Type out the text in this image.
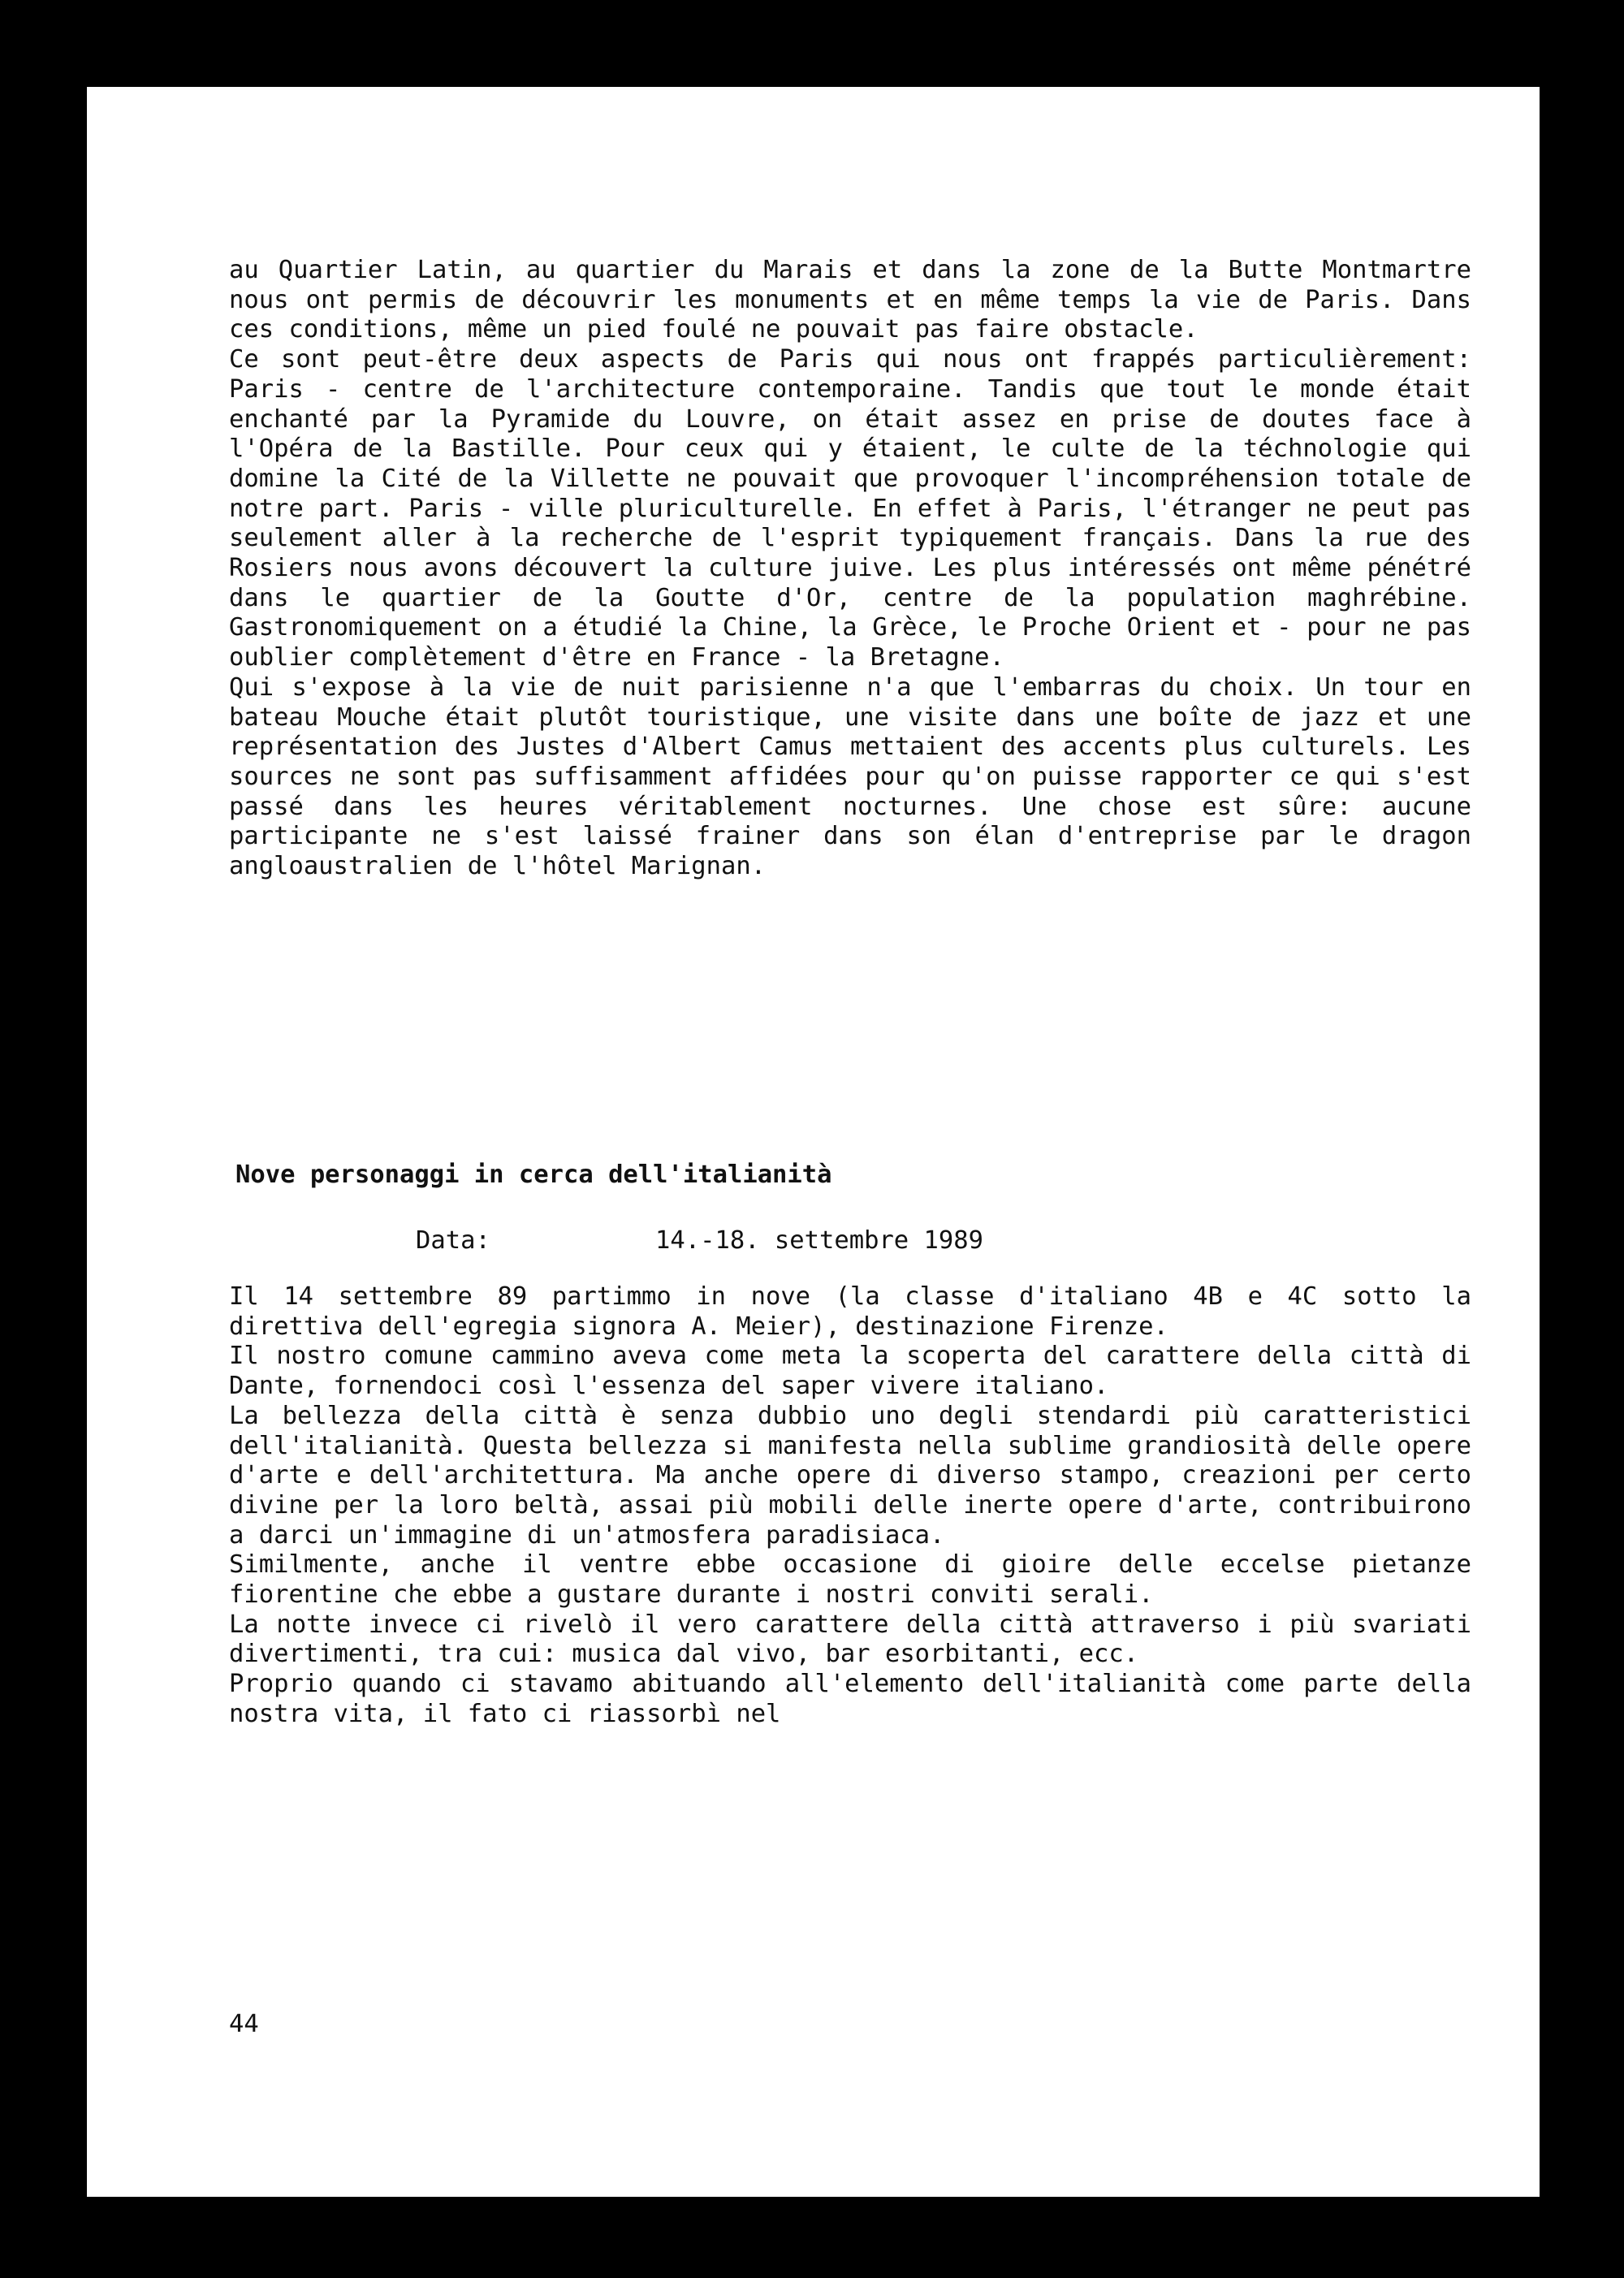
au Quartier Latin, au quartier du Marais et dans la zone de la Butte Montmartre nous ont permis de découvrir les monuments et en même temps la vie de Paris. Dans ces conditions, même un pied foulé ne pouvait pas faire obstacle.

Ce sont peut-être deux aspects de Paris qui nous ont frappés particulièrement: Paris - centre de l'architecture contemporaine. Tandis que tout le monde était enchanté par la Pyramide du Louvre, on était assez en prise de doutes face à l'Opéra de la Bastille. Pour ceux qui y étaient, le culte de la téchnologie qui domine la Cité de la Villette ne pouvait que provoquer l'incompréhension totale de notre part. Paris - ville pluriculturelle. En effet à Paris, l'étranger ne peut pas seulement aller à la recherche de l'esprit typiquement français. Dans la rue des Rosiers nous avons découvert la culture juive. Les plus intéressés ont même pénétré dans le quartier de la Goutte d'Or, centre de la population maghrébine. Gastronomiquement on a étudié la Chine, la Grèce, le Proche Orient et - pour ne pas oublier complètement d'être en France - la Bretagne.

Qui s'expose à la vie de nuit parisienne n'a que l'embarras du choix. Un tour en bateau Mouche était plutôt touristique, une visite dans une boîte de jazz et une représentation des Justes d'Albert Camus mettaient des accents plus culturels. Les sources ne sont pas suffisamment affidées pour qu'on puisse rapporter ce qui s'est passé dans les heures véritablement nocturnes. Une chose est sûre: aucune participante ne s'est laissé frainer dans son élan d'entreprise par le dragon angloaustralien de l'hôtel Marignan.

Nove personaggi in cerca dell'italianità
Data:	14.-18. settembre 1989

Il 14 settembre 89 partimmo in nove (la classe d'italiano 4B e 4C sotto la direttiva dell'egregia signora A. Meier), destinazione Firenze.

Il nostro comune cammino aveva come meta la scoperta del carattere della città di Dante, fornendoci così l'essenza del saper vivere italiano.

La bellezza della città è senza dubbio uno degli stendardi più caratteristici dell'italianità. Questa bellezza si manifesta nella sublime grandiosità delle opere d'arte e dell'architettura. Ma anche opere di diverso stampo, creazioni per certo divine per la loro beltà, assai più mobili delle inerte opere d'arte, contribuirono a darci un'immagine di un'atmosfera paradisiaca.

Similmente, anche il ventre ebbe occasione di gioire delle eccelse pietanze fiorentine che ebbe a gustare durante i nostri conviti serali.

La notte invece ci rivelò il vero carattere della città attraverso i più svariati divertimenti, tra cui: musica dal vivo, bar esorbitanti, ecc.

Proprio quando ci stavamo abituando all'elemento dell'italianità come parte della nostra vita, il fato ci riassorbì nel

44
